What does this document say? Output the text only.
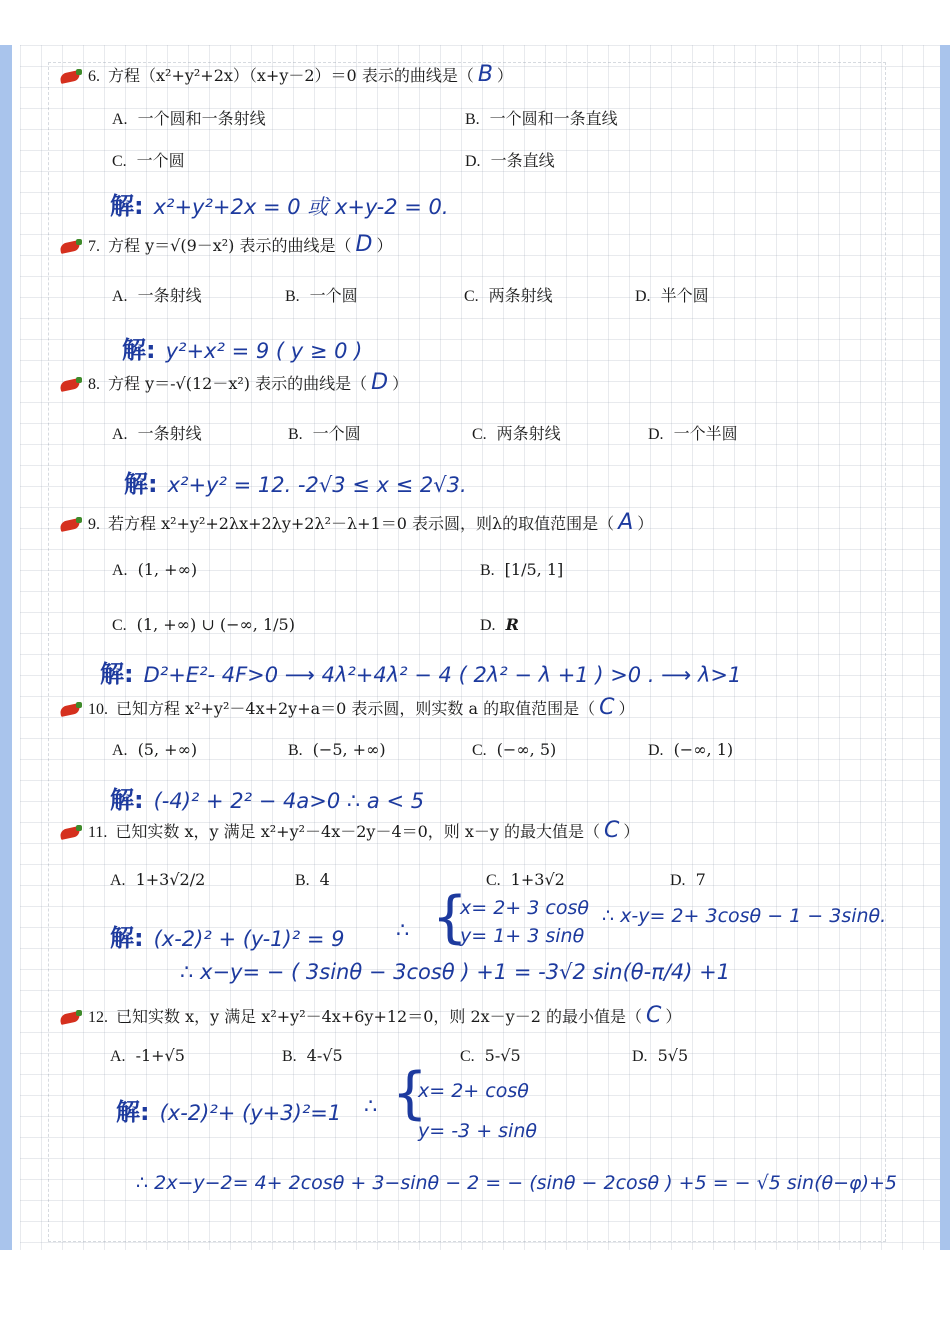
6. 方程（x²+y²+2x）（x+y－2）＝0 表示的曲线是（ B ）
A. 一个圆和一条射线	B. 一个圆和一条直线
C. 一个圆	D. 一条直线
解: x²+y²+2x = 0 或 x+y-2 = 0.
7. 方程 y＝√(9－x²) 表示的曲线是（ D ）
A. 一条射线	B. 一个圆	C. 两条射线	D. 半个圆
解: y²+x² = 9 ( y ≥ 0 )
8. 方程 y＝-√(12－x²) 表示的曲线是（ D ）
A. 一条射线	B. 一个圆	C. 两条射线	D. 一个半圆
解: x²+y² = 12. -2√3 ≤ x ≤ 2√3.
9. 若方程 x²+y²+2λx+2λy+2λ²－λ+1＝0 表示圆，则λ的取值范围是（ A ）
A. (1, +∞)	B. [1/5, 1]
C. (1, +∞) ∪ (−∞, 1/5)	D. R
解: D²+E²- 4F>0 ⟶ 4λ²+4λ² − 4 ( 2λ² − λ +1 ) >0 . ⟶ λ>1
10. 已知方程 x²+y²－4x+2y+a＝0 表示圆，则实数 a 的取值范围是（ C ）
A. (5, +∞)	B. (−5, +∞)	C. (−∞, 5)	D. (−∞, 1)
解: (-4)² + 2² − 4a>0 ∴ a < 5
11. 已知实数 x，y 满足 x²+y²－4x－2y－4＝0，则 x－y 的最大值是（ C ）
A. 1+3√2/2	B. 4	C. 1+3√2	D. 7
解: (x-2)² + (y-1)² = 9 ∴ {
x= 2+ 3 cosθ
y= 1+ 3 sinθ
∴ x-y= 2+ 3cosθ − 1 − 3sinθ.
∴ x−y= − ( 3sinθ − 3cosθ ) +1 = -3√2 sin(θ-π/4) +1
12. 已知实数 x，y 满足 x²+y²－4x+6y+12＝0，则 2x－y－2 的最小值是（ C ）
A. -1+√5	B. 4-√5	C. 5-√5	D. 5√5
解: (x-2)²+ (y+3)²=1 ∴ {
x= 2+ cosθ
y= -3 + sinθ
∴ 2x−y−2= 4+ 2cosθ + 3−sinθ − 2 = − (sinθ − 2cosθ ) +5 = − √5 sin(θ−φ)+5
